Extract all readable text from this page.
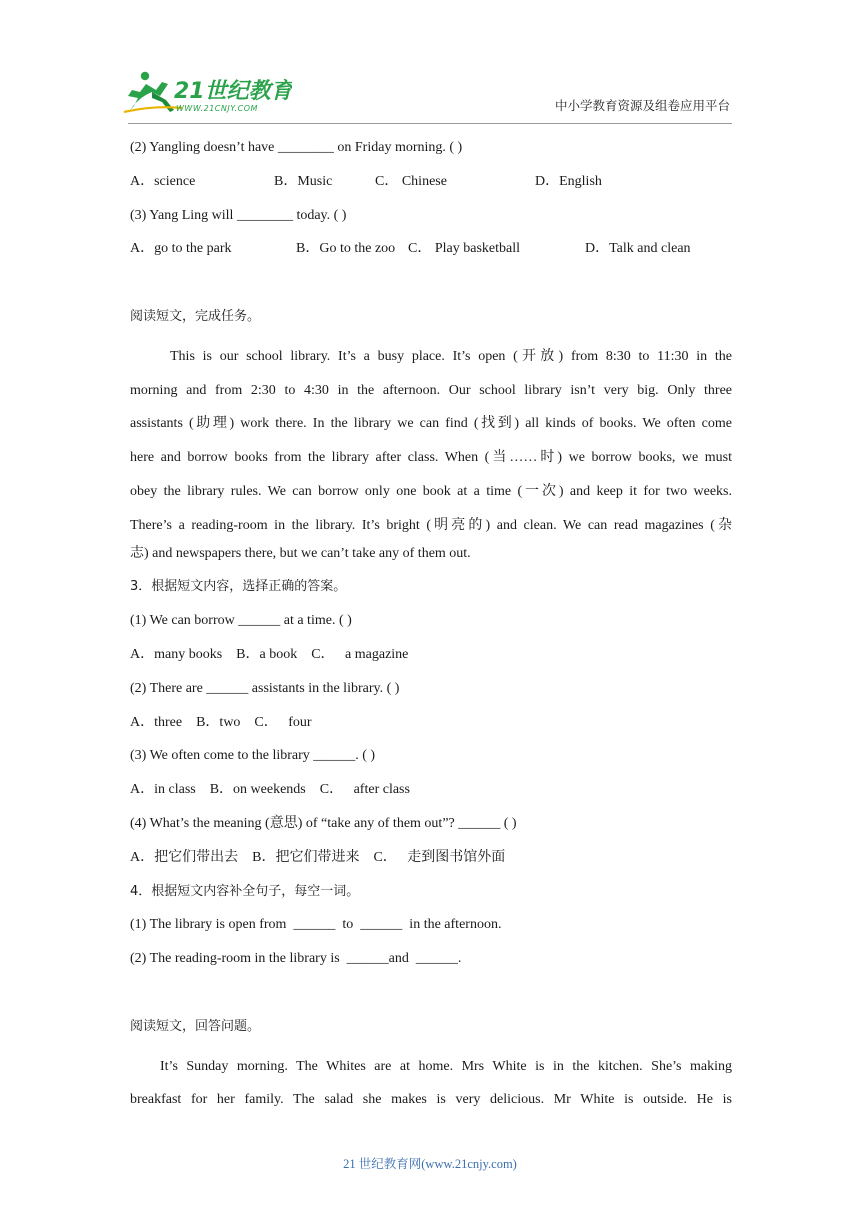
21世纪教育
WWW.21CNJY.COM	中小学教育资源及组卷应用平台
(2) Yangling doesn’t have ________ on Friday morning. ( )
A．science	B．Music	C． Chinese	D．English
(3) Yang Ling will ________ today. ( )
A．go to the park	B．Go to the zoo C． Play basketball	D．Talk and clean
阅读短文，完成任务。
This is our school library. It’s a busy place. It’s open (开放) from 8:30 to 11:30 in the
morning and from 2:30 to 4:30 in the afternoon. Our school library isn’t very big. Only three
assistants (助理) work there. In the library we can find (找到) all kinds of books. We often come
here and borrow books from the library after class. When (当……时) we borrow books, we must
obey the library rules. We can borrow only one book at a time (一次) and keep it for two weeks.
There’s a reading-room in the library. It’s bright (明亮的) and clean. We can read magazines (杂
志) and newspapers there, but we can’t take any of them out.
3．根据短文内容，选择正确的答案。
(1) We can borrow ______ at a time. ( )
A．many books    B．a book    C．   a magazine
(2) There are ______ assistants in the library. ( )
A．three    B．two    C．   four
(3) We often come to the library ______. ( )
A．in class    B．on weekends    C．   after class
(4) What’s the meaning (意思) of “take any of them out”? ______ ( )
A．把它们带出去    B．把它们带进来    C．   走到图书馆外面
4．根据短文内容补全句子，每空一词。
(1) The library is open from  ______  to  ______  in the afternoon.
(2) The reading-room in the library is  ______and  ______.
阅读短文，回答问题。
It’s Sunday morning. The Whites are at home. Mrs White is in the kitchen. She’s making
breakfast for her family. The salad she makes is very delicious. Mr White is outside. He is
21 世纪教育网(www.21cnjy.com)
